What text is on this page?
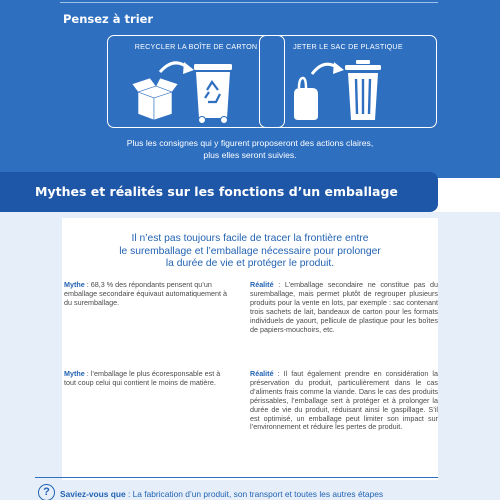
Pensez à trier
RECYCLER LA BOÎTE DE CARTON	JETER LE SAC DE PLASTIQUE
Plus les consignes qui y figurent proposeront des actions claires,
plus elles seront suivies.
Mythes et réalités sur les fonctions d’un emballage
Il n’est pas toujours facile de tracer la frontière entre
le suremballage et l’emballage nécessaire pour prolonger
la durée de vie et protéger le produit.
Mythe : 68,3 % des répondants pensent qu’un emballage secondaire équivaut automatiquement à du suremballage.
Réalité : L’emballage secondaire ne constitue pas du suremballage, mais permet plutôt de regrouper plusieurs produits pour la vente en lots, par exemple : sac contenant trois sachets de lait, bandeaux de carton pour les formats individuels de yaourt, pellicule de plastique pour les boîtes de papiers-mouchoirs, etc.
Mythe : l’emballage le plus écoresponsable est à tout coup celui qui contient le moins de matière.
Réalité : Il faut également prendre en considération la préservation du produit, particulièrement dans le cas d’aliments frais comme la viande. Dans le cas des produits périssables, l’emballage sert à protéger et à prolonger la durée de vie du produit, réduisant ainsi le gaspillage. S’il est optimisé, un emballage peut limiter son impact sur l’environnement et réduire les pertes de produit.
?	Saviez-vous que : La fabrication d’un produit, son transport et toutes les autres étapes
